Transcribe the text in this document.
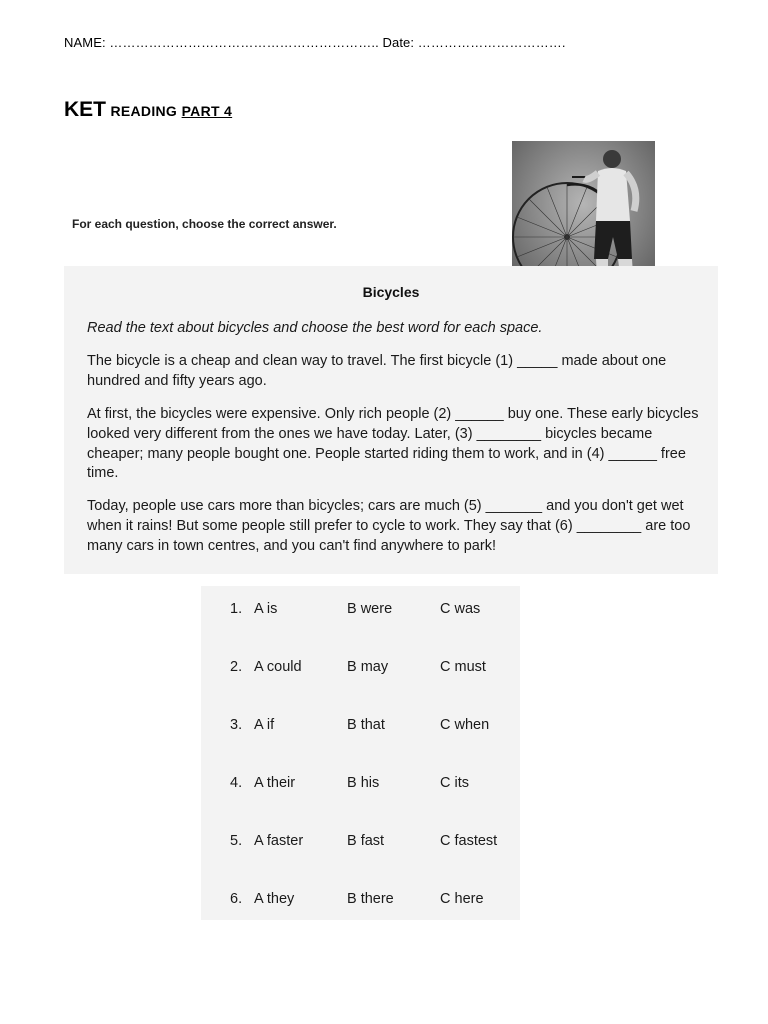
NAME: …………………………………………………….. Date: …………………………….
KET READING PART 4
For each question, choose the correct answer.
Bicycles

Read the text about bicycles and choose the best word for each space.

The bicycle is a cheap and clean way to travel. The first bicycle (1) _____ made about one hundred and fifty years ago.

At first, the bicycles were expensive. Only rich people (2) ______ buy one. These early bicycles looked very different from the ones we have today. Later, (3) ________ bicycles became cheaper; many people bought one. People started riding them to work, and in (4) ______ free time.

Today, people use cars more than bicycles; cars are much (5) _______ and you don't get wet when it rains! But some people still prefer to cycle to work. They say that (6) ________ are too many cars in town centres, and you can't find anywhere to park!

1. A is	B were	C was
2. A could	B may	C must
3. A if	B that	C when
4. A their	B his	C its
5. A faster	B fast	C fastest
6. A they	B there	C here
